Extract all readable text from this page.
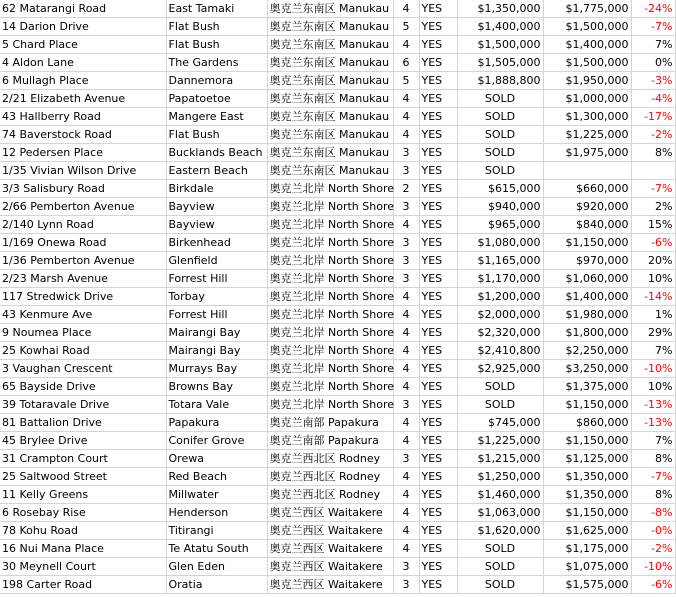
62 Matarangi Road	East Tamaki	奥克兰东南区 Manukau	4	YES	$1,350,000	$1,775,000	-24%
14 Darion Drive	Flat Bush	奥克兰东南区 Manukau	5	YES	$1,400,000	$1,500,000	-7%
5 Chard Place	Flat Bush	奥克兰东南区 Manukau	4	YES	$1,500,000	$1,400,000	7%
4 Aldon Lane	The Gardens	奥克兰东南区 Manukau	6	YES	$1,505,000	$1,500,000	0%
6 Mullagh Place	Dannemora	奥克兰东南区 Manukau	5	YES	$1,888,800	$1,950,000	-3%
2/21 Elizabeth Avenue	Papatoetoe	奥克兰东南区 Manukau	4	YES	SOLD	$1,000,000	-4%
43 Hallberry Road	Mangere East	奥克兰东南区 Manukau	4	YES	SOLD	$1,300,000	-17%
74 Baverstock Road	Flat Bush	奥克兰东南区 Manukau	4	YES	SOLD	$1,225,000	-2%
12 Pedersen Place	Bucklands Beach	奥克兰东南区 Manukau	3	YES	SOLD	$1,975,000	8%
1/35 Vivian Wilson Drive	Eastern Beach	奥克兰东南区 Manukau	3	YES	SOLD		
3/3 Salisbury Road	Birkdale	奥克兰北岸 North Shore	2	YES	$615,000	$660,000	-7%
2/66 Pemberton Avenue	Bayview	奥克兰北岸 North Shore	3	YES	$940,000	$920,000	2%
2/140 Lynn Road	Bayview	奥克兰北岸 North Shore	4	YES	$965,000	$840,000	15%
1/169 Onewa Road	Birkenhead	奥克兰北岸 North Shore	3	YES	$1,080,000	$1,150,000	-6%
1/36 Pemberton Avenue	Glenfield	奥克兰北岸 North Shore	3	YES	$1,165,000	$970,000	20%
2/23 Marsh Avenue	Forrest Hill	奥克兰北岸 North Shore	3	YES	$1,170,000	$1,060,000	10%
117 Stredwick Drive	Torbay	奥克兰北岸 North Shore	4	YES	$1,200,000	$1,400,000	-14%
43 Kenmure Ave	Forrest Hill	奥克兰北岸 North Shore	4	YES	$2,000,000	$1,980,000	1%
9 Noumea Place	Mairangi Bay	奥克兰北岸 North Shore	4	YES	$2,320,000	$1,800,000	29%
25 Kowhai Road	Mairangi Bay	奥克兰北岸 North Shore	4	YES	$2,410,800	$2,250,000	7%
3 Vaughan Crescent	Murrays Bay	奥克兰北岸 North Shore	4	YES	$2,925,000	$3,250,000	-10%
65 Bayside Drive	Browns Bay	奥克兰北岸 North Shore	4	YES	SOLD	$1,375,000	10%
39 Totaravale Drive	Totara Vale	奥克兰北岸 North Shore	3	YES	SOLD	$1,150,000	-13%
81 Battalion Drive	Papakura	奥克兰南部 Papakura	4	YES	$745,000	$860,000	-13%
45 Brylee Drive	Conifer Grove	奥克兰南部 Papakura	4	YES	$1,225,000	$1,150,000	7%
31 Crampton Court	Orewa	奥克兰西北区 Rodney	3	YES	$1,215,000	$1,125,000	8%
25 Saltwood Street	Red Beach	奥克兰西北区 Rodney	4	YES	$1,250,000	$1,350,000	-7%
11 Kelly Greens	Millwater	奥克兰西北区 Rodney	4	YES	$1,460,000	$1,350,000	8%
6 Rosebay Rise	Henderson	奥克兰西区 Waitakere	4	YES	$1,063,000	$1,150,000	-8%
78 Kohu Road	Titirangi	奥克兰西区 Waitakere	4	YES	$1,620,000	$1,625,000	-0%
16 Nui Mana Place	Te Atatu South	奥克兰西区 Waitakere	4	YES	SOLD	$1,175,000	-2%
30 Meynell Court	Glen Eden	奥克兰西区 Waitakere	3	YES	SOLD	$1,075,000	-10%
198 Carter Road	Oratia	奥克兰西区 Waitakere	3	YES	SOLD	$1,575,000	-6%
